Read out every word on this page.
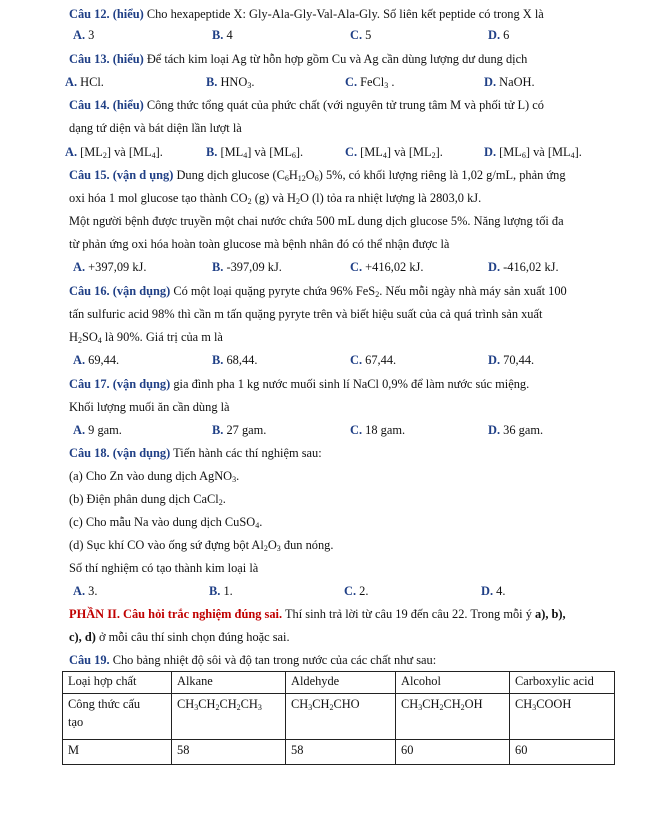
Câu 12. (hiểu) Cho hexapeptide X: Gly-Ala-Gly-Val-Ala-Gly. Số liên kết peptide có trong X là
A. 3	B. 4	C. 5	D. 6
Câu 13. (hiểu) Để tách kim loại Ag từ hỗn hợp gồm Cu và Ag cần dùng lượng dư dung dịch
A. HCl.	B. $HNO_3$.	C. FeCl$_3$ .	D. NaOH.
Câu 14. (hiểu) Công thức tổng quát của phức chất (với nguyên tử trung tâm M và phối tử L) có
dạng tứ diện và bát diện lần lượt là
A. $[ML_2]$ và $[ML_4]$.	B. $[ML_4]$ và $[ML_6]$.	C. $[ML_4]$ và $[ML_2]$.	D. $[ML_6]$ và $[ML_4]$.
Câu 15. (vận d ụng) Dung dịch glucose $(C_6H_{12}O_6)$ 5%, có khối lượng riêng là 1,02 g/mL, phản ứng
oxi hóa 1 mol glucose tạo thành $CO_2$ (g) và $H_2O$ (l) tỏa ra nhiệt lượng là 2803,0 kJ.
Một người bệnh được truyền một chai nước chứa 500 mL dung dịch glucose 5%. Năng lượng tối đa
từ phản ứng oxi hóa hoàn toàn glucose mà bệnh nhân đó có thể nhận được là
A. +397,09 kJ.	B. -397,09 kJ.	C. +416,02 kJ.	D. -416,02 kJ.
Câu 16. (vận dụng) Có một loại quặng pyryte chứa 96% FeS$_2$. Nếu mỗi ngày nhà máy sản xuất 100
tấn sulfuric acid 98% thì cần m tấn quặng pyryte trên và biết hiệu suất của cả quá trình sản xuất
$H_2SO_4$ là 90%. Giá trị của m là
A. 69,44.	B. 68,44.	C. 67,44.	D. 70,44.
Câu 17. (vận dụng) gia đình pha 1 kg nước muối sinh lí NaCl 0,9% để làm nước súc miệng.
Khối lượng muối ăn cần dùng là
A. 9 gam.	B. 27 gam.	C. 18 gam.	D. 36 gam.
Câu 18. (vận dụng) Tiến hành các thí nghiệm sau:
(a) Cho Zn vào dung dịch AgNO$_3$.
(b) Điện phân dung dịch CaCl$_2$.
(c) Cho mẫu Na vào dung dịch CuSO$_4$.
(d) Sục khí CO vào ống sứ đựng bột $Al_2O_3$ đun nóng.
Số thí nghiệm có tạo thành kim loại là
A. 3.	B. 1.	C. 2.	D. 4.
PHẦN II. Câu hỏi trắc nghiệm đúng sai. Thí sinh trả lời từ câu 19 đến câu 22. Trong mỗi ý a), b),
c), d) ở mỗi câu thí sinh chọn đúng hoặc sai.
Câu 19. Cho bảng nhiệt độ sôi và độ tan trong nước của các chất như sau:
Loại hợp chất	Alkane	Aldehyde	Alcohol	Carboxylic acid
Công thức cấu
tạo	$CH_3CH_2CH_2CH_3$	$CH_3CH_2CHO$	$CH_3CH_2CH_2OH$	$CH_3COOH$
M	58	58	60	60
